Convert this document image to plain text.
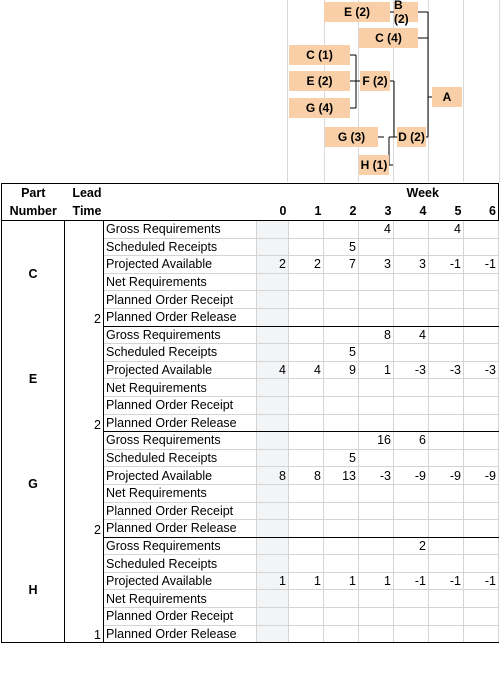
E (2) B (2)
C (4)
C (1)
E (2) F (2)
G (4)
A
G (3)	D (2)
H (1)
Part	Lead		Week						
Number	Time		0	1	2	3	4	5	6
C	2	Gross Requirements				4		4	
		Scheduled Receipts			5				
		Projected Available	2	2	7	3	3	-1	-1
		Net Requirements							
		Planned Order Receipt							
		Planned Order Release							
E	2	Gross Requirements				8	4		
		Scheduled Receipts			5				
		Projected Available	4	4	9	1	-3	-3	-3
		Net Requirements							
		Planned Order Receipt							
		Planned Order Release							
G	2	Gross Requirements				16	6		
		Scheduled Receipts			5				
		Projected Available	8	8	13	-3	-9	-9	-9
		Net Requirements							
		Planned Order Receipt							
		Planned Order Release							
H	1	Gross Requirements					2		
		Scheduled Receipts							
		Projected Available	1	1	1	1	-1	-1	-1
		Net Requirements							
		Planned Order Receipt							
		Planned Order Release							
